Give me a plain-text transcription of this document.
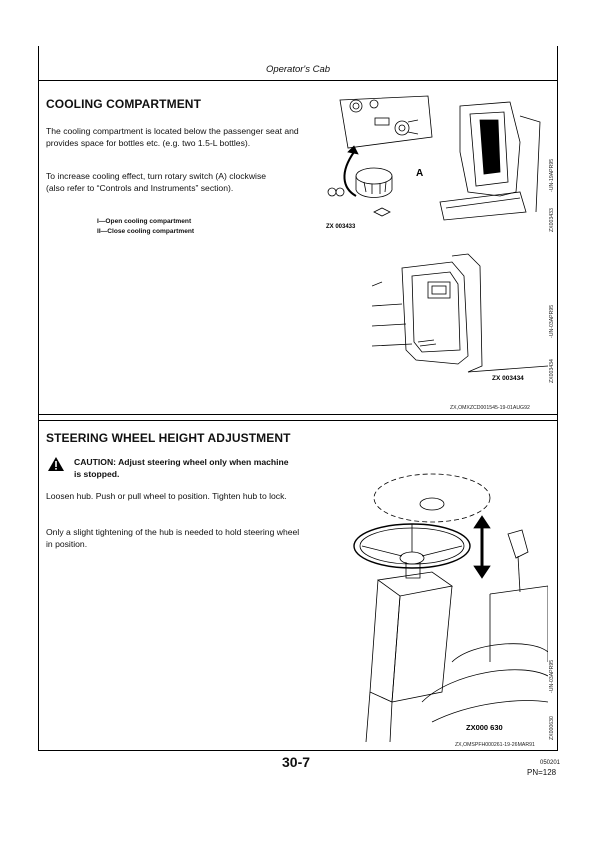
Operator's Cab
COOLING COMPARTMENT
The cooling compartment is located below the passenger seat and provides space for bottles etc. (e.g. two 1.5-L bottles).
To increase cooling effect, turn rotary switch (A) clockwise (also refer to “Controls and Instruments” section).
I—Open cooling compartment
II—Close cooling compartment
A
ZX 003433	ZX003433
-UN-19APR95
ZX 003434	ZX003434
-UN-03APR95
ZX,OMXZCD001545-19-01AUG92
STEERING WHEEL HEIGHT ADJUSTMENT
CAUTION: Adjust steering wheel only when machine is stopped.
Loosen hub. Push or pull wheel to position. Tighten hub to lock.
Only a slight tightening of the hub is needed to hold steering wheel in position.
ZX000 630	ZX000630
-UN-03APR95
ZX,OMSPFH000261-19-26MAR91
30-7	050201
PN=128
